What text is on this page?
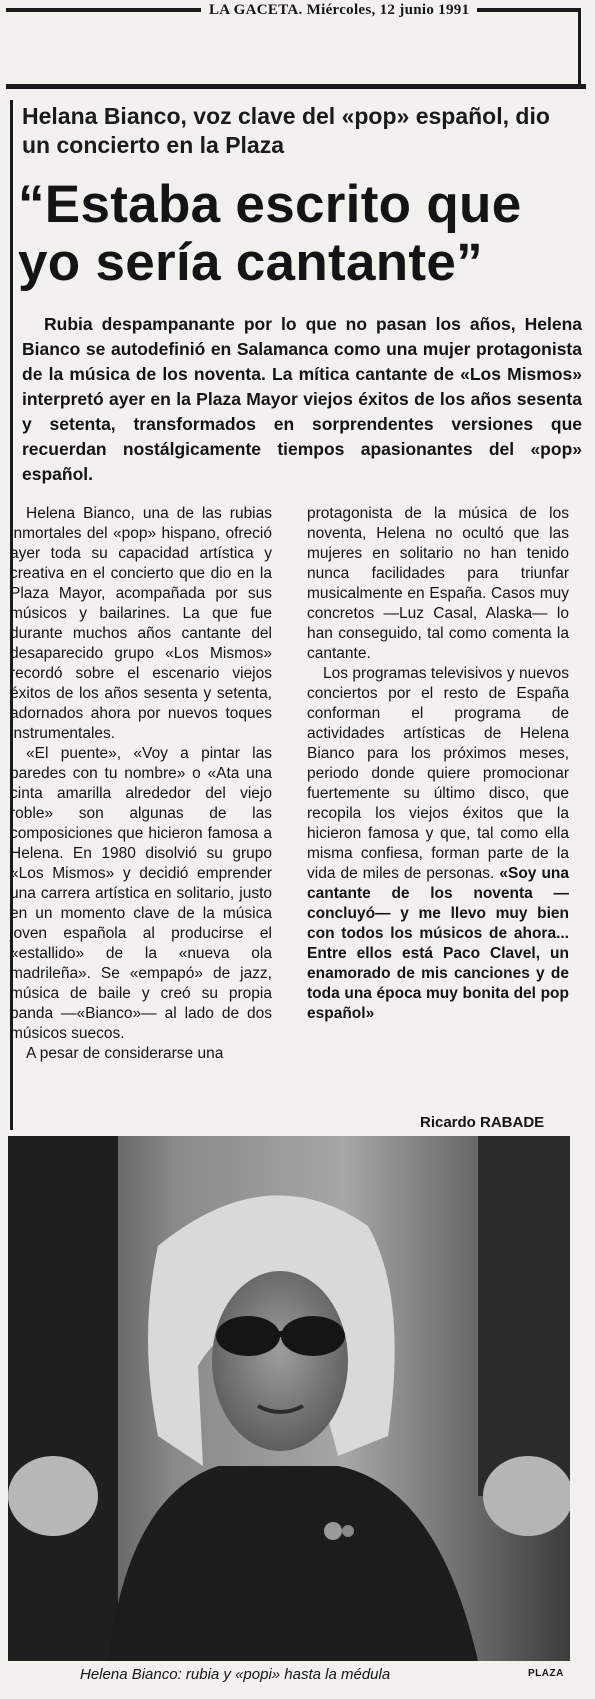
LA GACETA. Miércoles, 12 junio 1991
Helana Bianco, voz clave del «pop» español, dio un concierto en la Plaza
“Estaba escrito que yo sería cantante”
Rubia despampanante por lo que no pasan los años, Helena Bianco se autodefinió en Salamanca como una mujer protagonista de la música de los noventa. La mítica cantante de «Los Mismos» interpretó ayer en la Plaza Mayor viejos éxitos de los años sesenta y setenta, transformados en sorprendentes versiones que recuerdan nostálgicamente tiempos apasionantes del «pop» español.

Helena Bianco, una de las rubias inmortales del «pop» hispano, ofreció ayer toda su capacidad artística y creativa en el concierto que dio en la Plaza Mayor, acompañada por sus músicos y bailarines. La que fue durante muchos años cantante del desaparecido grupo «Los Mismos» recordó sobre el escenario viejos éxitos de los años sesenta y setenta, adornados ahora por nuevos toques instrumentales.

«El puente», «Voy a pintar las paredes con tu nombre» o «Ata una cinta amarilla alrededor del viejo roble» son algunas de las composiciones que hicieron famosa a Helena. En 1980 disolvió su grupo «Los Mismos» y decidió emprender una carrera artística en solitario, justo en un momento clave de la música joven española al producirse el «estallido» de la «nueva ola madrileña». Se «empapó» de jazz, música de baile y creó su propia banda —«Bianco»— al lado de dos músicos suecos.

A pesar de considerarse una

protagonista de la música de los noventa, Helena no ocultó que las mujeres en solitario no han tenido nunca facilidades para triunfar musicalmente en España. Casos muy concretos —Luz Casal, Alaska— lo han conseguido, tal como comenta la cantante.

Los programas televisivos y nuevos conciertos por el resto de España conforman el programa de actividades artísticas de Helena Bianco para los próximos meses, periodo donde quiere promocionar fuertemente su último disco, que recopila los viejos éxitos que la hicieron famosa y que, tal como ella misma confiesa, forman parte de la vida de miles de personas. «Soy una cantante de los noventa —concluyó— y me llevo muy bien con todos los músicos de ahora... Entre ellos está Paco Clavel, un enamorado de mis canciones y de toda una época muy bonita del pop español»

Ricardo RABADE
Helena Bianco: rubia y «popi» hasta la médula	PLAZA
